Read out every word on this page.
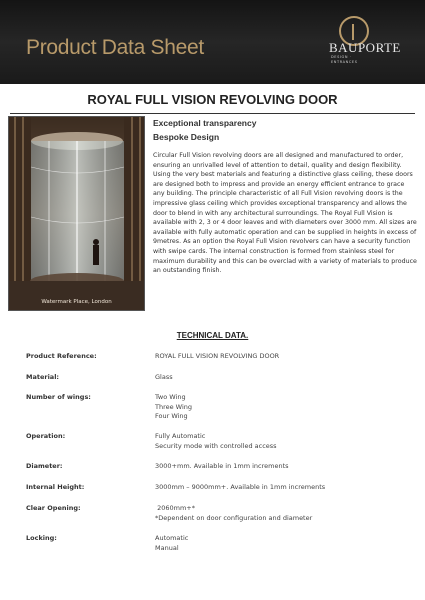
Product Data Sheet	BAUPORTE
DESIGN · ENTRANCES
ROYAL FULL VISION REVOLVING DOOR
Watermark Place, London
Exceptional transparency
Bespoke Design
Circular Full Vision revolving doors are all designed and manufactured to order, ensuring an unrivalled level of attention to detail, quality and design flexibility. Using the very best materials and featuring a distinctive glass ceiling, these doors are designed both to impress and provide an energy efficient entrance to grace any building. The principle characteristic of all Full Vision revolving doors is the impressive glass ceiling which provides exceptional transparency and allows the door to blend in with any architectural surroundings. The Royal Full Vision is available with 2, 3 or 4 door leaves and with diameters over 3000 mm. All sizes are available with fully automatic operation and can be supplied in heights in excess of 9metres. As an option the Royal Full Vision revolvers can have a security function with swipe cards. The internal construction is formed from stainless steel for maximum durability and this can be overclad with a variety of materials to produce an outstanding finish.
TECHNICAL DATA.
Product Reference:	ROYAL FULL VISION REVOLVING DOOR
Material:	Glass
Number of wings:	Two Wing
Three Wing
Four Wing
Operation:	Fully Automatic
Security mode with controlled access
Diameter:	3000+mm. Available in 1mm increments
Internal Height:	3000mm – 9000mm+. Available in 1mm increments
Clear Opening:	2060mm+*
*Dependent on door configuration and diameter
Locking:	Automatic
Manual
